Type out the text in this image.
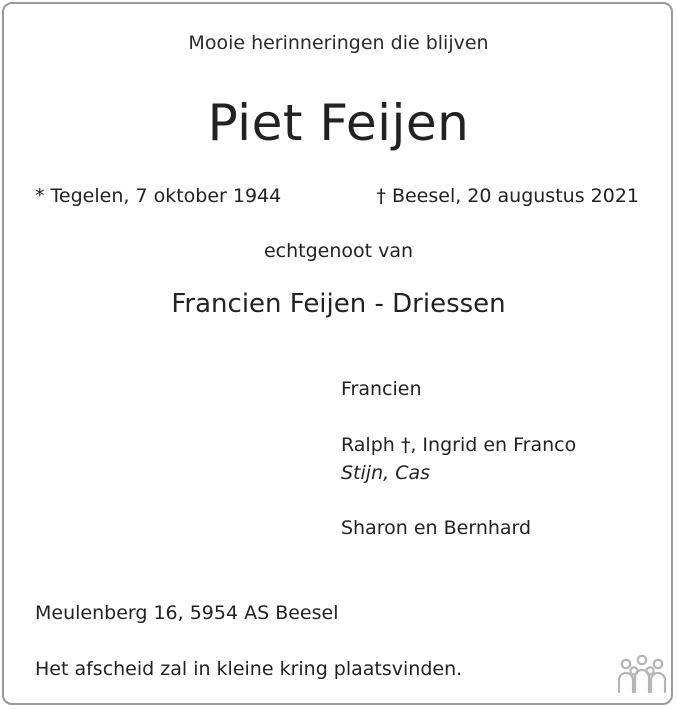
Mooie herinneringen die blijven
Piet Feijen
* Tegelen, 7 oktober 1944	† Beesel, 20 augustus 2021
echtgenoot van
Francien Feijen - Driessen
Francien
Ralph †, Ingrid en Franco
Stijn, Cas
Sharon en Bernhard
Meulenberg 16, 5954 AS Beesel
Het afscheid zal in kleine kring plaatsvinden.
